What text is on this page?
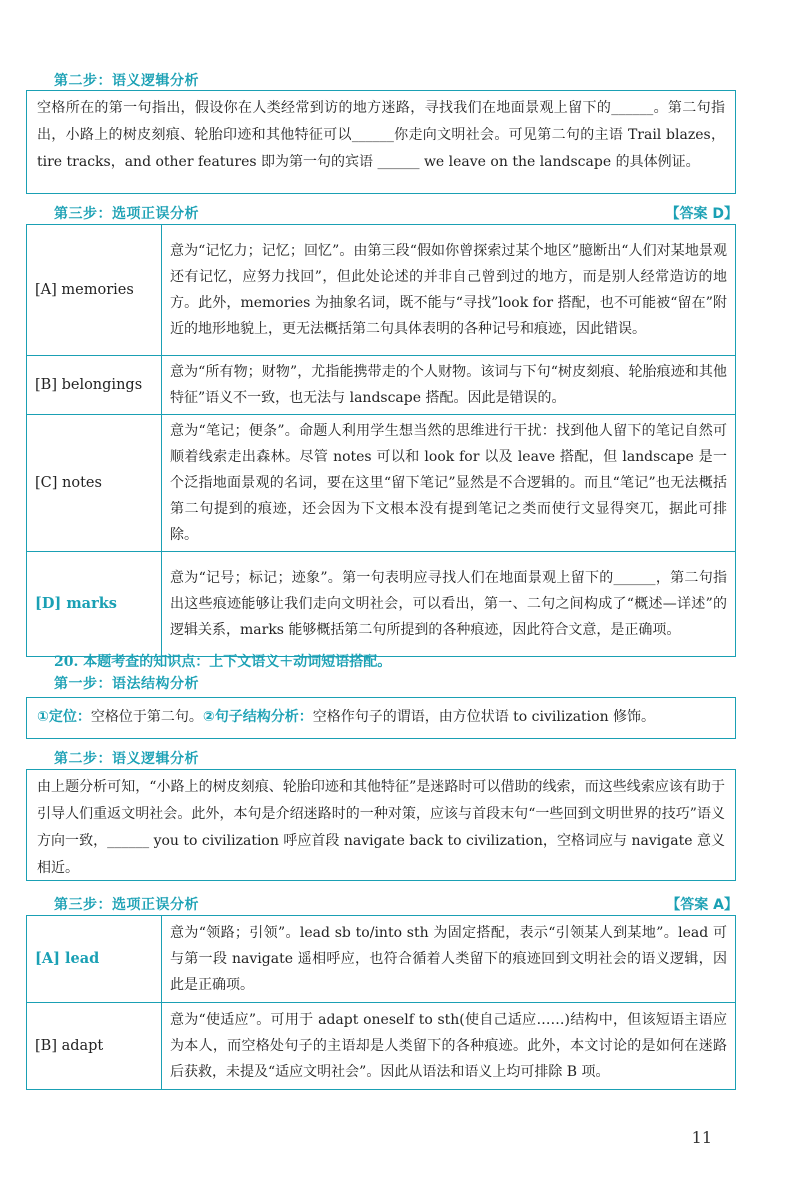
第二步：语义逻辑分析
空格所在的第一句指出，假设你在人类经常到访的地方迷路，寻找我们在地面景观上留下的______。第二句指出，小路上的树皮刻痕、轮胎印迹和其他特征可以______你走向文明社会。可见第二句的主语 Trail blazes，tire tracks，and other features 即为第一句的宾语 ______ we leave on the landscape 的具体例证。
第三步：选项正误分析	【答案 D】
[A] memories	意为“记忆力；记忆；回忆”。由第三段“假如你曾探索过某个地区”臆断出“人们对某地景观还有记忆，应努力找回”，但此处论述的并非自己曾到过的地方，而是别人经常造访的地方。此外，memories 为抽象名词，既不能与“寻找”look for 搭配，也不可能被“留在”附近的地形地貌上，更无法概括第二句具体表明的各种记号和痕迹，因此错误。
[B] belongings	意为“所有物；财物”，尤指能携带走的个人财物。该词与下句“树皮刻痕、轮胎痕迹和其他特征”语义不一致，也无法与 landscape 搭配。因此是错误的。
[C] notes	意为“笔记；便条”。命题人利用学生想当然的思维进行干扰：找到他人留下的笔记自然可顺着线索走出森林。尽管 notes 可以和 look for 以及 leave 搭配，但 landscape 是一个泛指地面景观的名词，要在这里“留下笔记”显然是不合逻辑的。而且“笔记”也无法概括第二句提到的痕迹，还会因为下文根本没有提到笔记之类而使行文显得突兀，据此可排除。
[D] marks	意为“记号；标记；迹象”。第一句表明应寻找人们在地面景观上留下的______，第二句指出这些痕迹能够让我们走向文明社会，可以看出，第一、二句之间构成了“概述—详述”的逻辑关系，marks 能够概括第二句所提到的各种痕迹，因此符合文意，是正确项。
20. 本题考查的知识点：上下文语义＋动词短语搭配。
第一步：语法结构分析
①定位：空格位于第二句。②句子结构分析：空格作句子的谓语，由方位状语 to civilization 修饰。
第二步：语义逻辑分析
由上题分析可知，“小路上的树皮刻痕、轮胎印迹和其他特征”是迷路时可以借助的线索，而这些线索应该有助于引导人们重返文明社会。此外，本句是介绍迷路时的一种对策，应该与首段末句“一些回到文明世界的技巧”语义方向一致，______ you to civilization 呼应首段 navigate back to civilization，空格词应与 navigate 意义相近。
第三步：选项正误分析	【答案 A】
[A] lead	意为“领路；引领”。lead sb to/into sth 为固定搭配，表示“引领某人到某地”。lead 可与第一段 navigate 遥相呼应，也符合循着人类留下的痕迹回到文明社会的语义逻辑，因此是正确项。
[B] adapt	意为“使适应”。可用于 adapt oneself to sth(使自己适应……)结构中，但该短语主语应为本人，而空格处句子的主语却是人类留下的各种痕迹。此外，本文讨论的是如何在迷路后获救，未提及“适应文明社会”。因此从语法和语义上均可排除 B 项。
11
